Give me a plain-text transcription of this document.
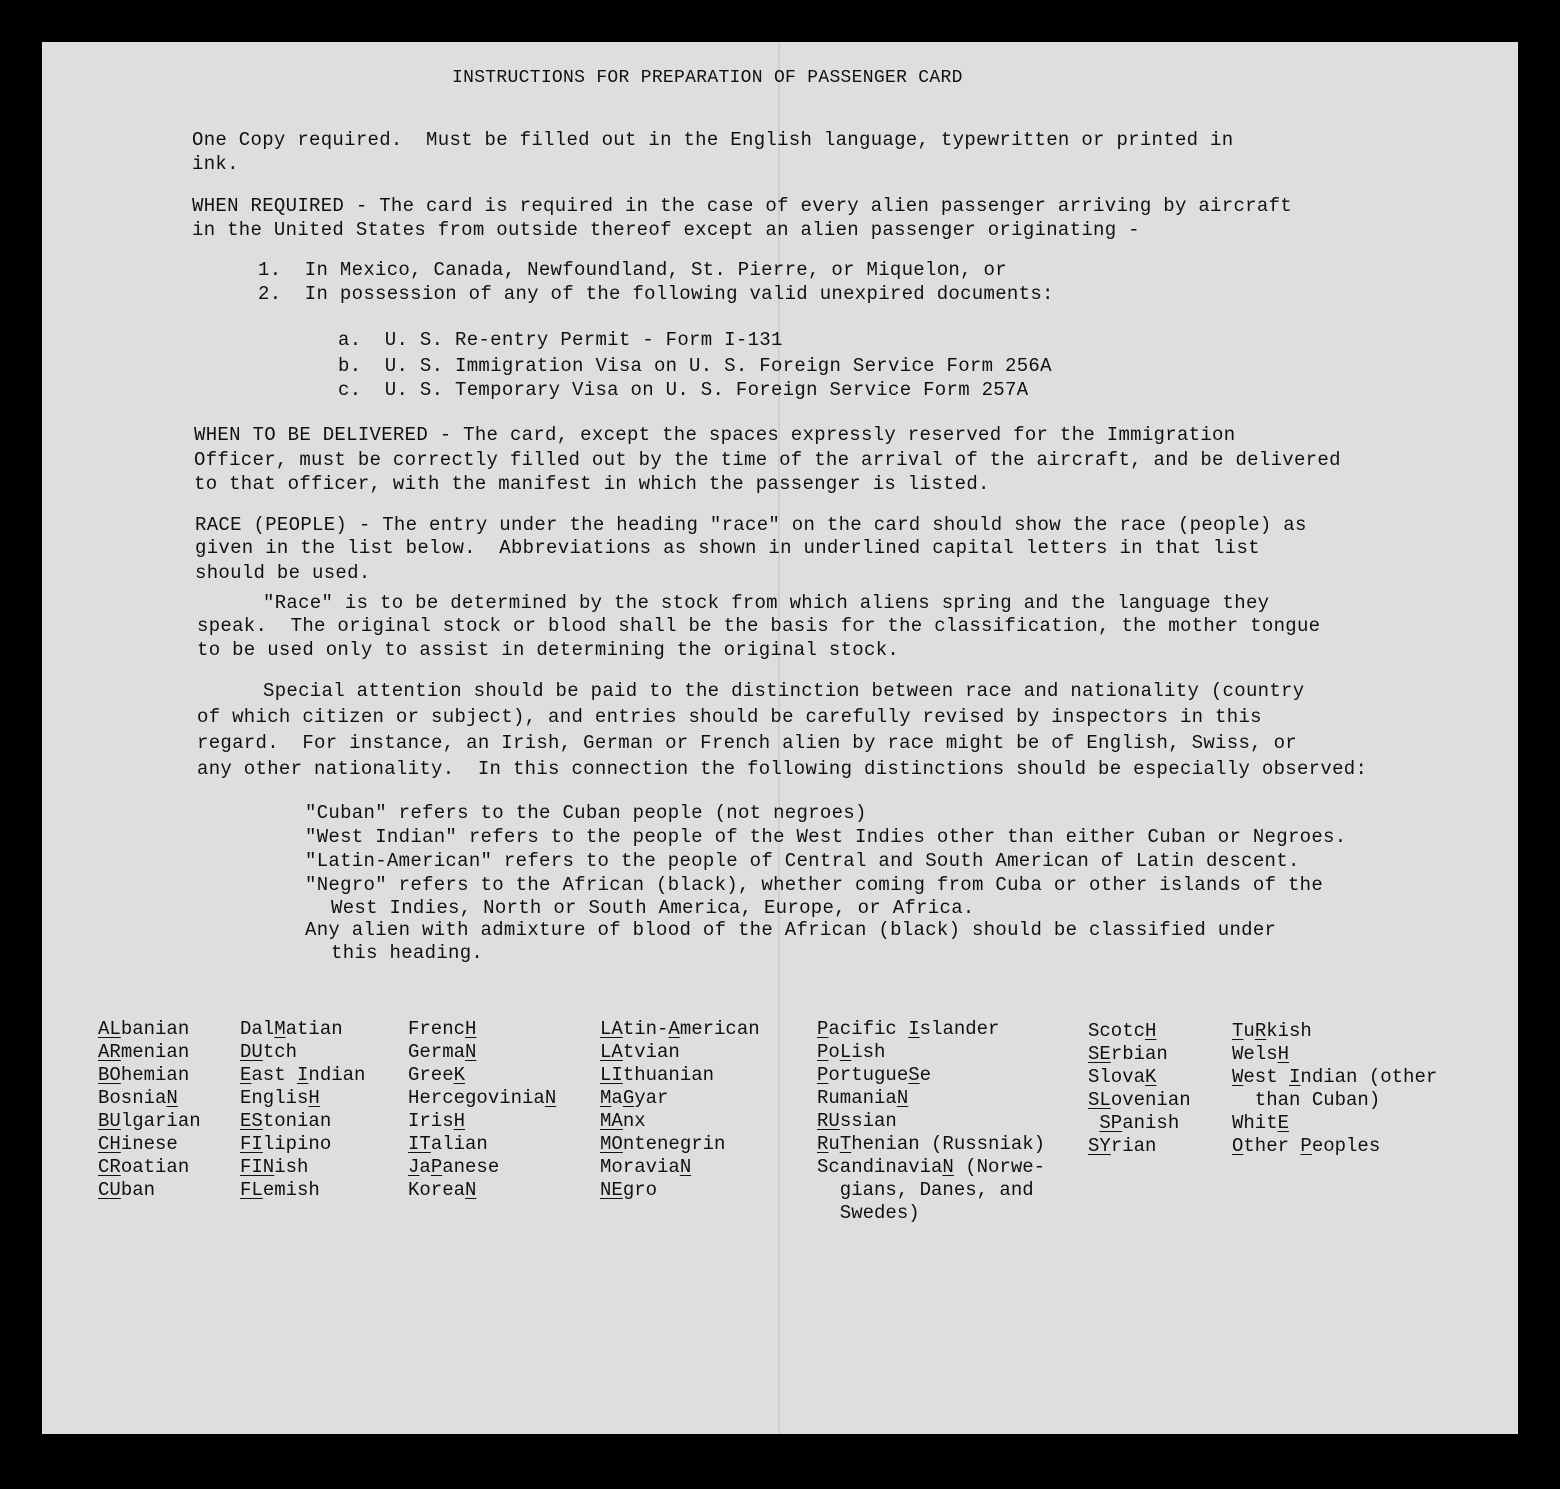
INSTRUCTIONS FOR PREPARATION OF PASSENGER CARD
One Copy required.  Must be filled out in the English language, typewritten or printed in
ink.
WHEN REQUIRED - The card is required in the case of every alien passenger arriving by aircraft
in the United States from outside thereof except an alien passenger originating -
1.  In Mexico, Canada, Newfoundland, St. Pierre, or Miquelon, or
2.  In possession of any of the following valid unexpired documents:
a.  U. S. Re-entry Permit - Form I-131
b.  U. S. Immigration Visa on U. S. Foreign Service Form 256A
c.  U. S. Temporary Visa on U. S. Foreign Service Form 257A
WHEN TO BE DELIVERED - The card, except the spaces expressly reserved for the Immigration
Officer, must be correctly filled out by the time of the arrival of the aircraft, and be delivered
to that officer, with the manifest in which the passenger is listed.
RACE (PEOPLE) - The entry under the heading "race" on the card should show the race (people) as
given in the list below.  Abbreviations as shown in underlined capital letters in that list
should be used.
"Race" is to be determined by the stock from which aliens spring and the language they
speak.  The original stock or blood shall be the basis for the classification, the mother tongue
to be used only to assist in determining the original stock.
Special attention should be paid to the distinction between race and nationality (country
of which citizen or subject), and entries should be carefully revised by inspectors in this
regard.  For instance, an Irish, German or French alien by race might be of English, Swiss, or
any other nationality.  In this connection the following distinctions should be especially observed:
"Cuban" refers to the Cuban people (not negroes)
"West Indian" refers to the people of the West Indies other than either Cuban or Negroes.
"Latin-American" refers to the people of Central and South American of Latin descent.
"Negro" refers to the African (black), whether coming from Cuba or other islands of the
West Indies, North or South America, Europe, or Africa.
Any alien with admixture of blood of the African (black) should be classified under
this heading.
ALbanian
ARmenian
BOhemian
BosniaN
BUlgarian
CHinese
CRoatian
CUban
DalMatian
DUtch
East Indian
EnglisH
EStonian
FIlipino
FINish
FLemish
FrencH
GermaN
GreeK
HercegoviniaN
IrisH
ITalian
JaPanese
KoreaN
LAtin-American
LAtvian
LIthuanian
MaGyar
MAnx
MOntenegrin
MoraviaN
NEgro
Pacific Islander
PoLish
PortugueSe
RumaniaN
RUssian
RuThenian (Russniak)
ScandinaviaN (Norwe-
gians, Danes, and
Swedes)
ScotcH
SErbian
SlovaK
SLovenian
SPanish
SYrian
TuRkish
WelsH
West Indian (other
than Cuban)
WhitE
Other Peoples
